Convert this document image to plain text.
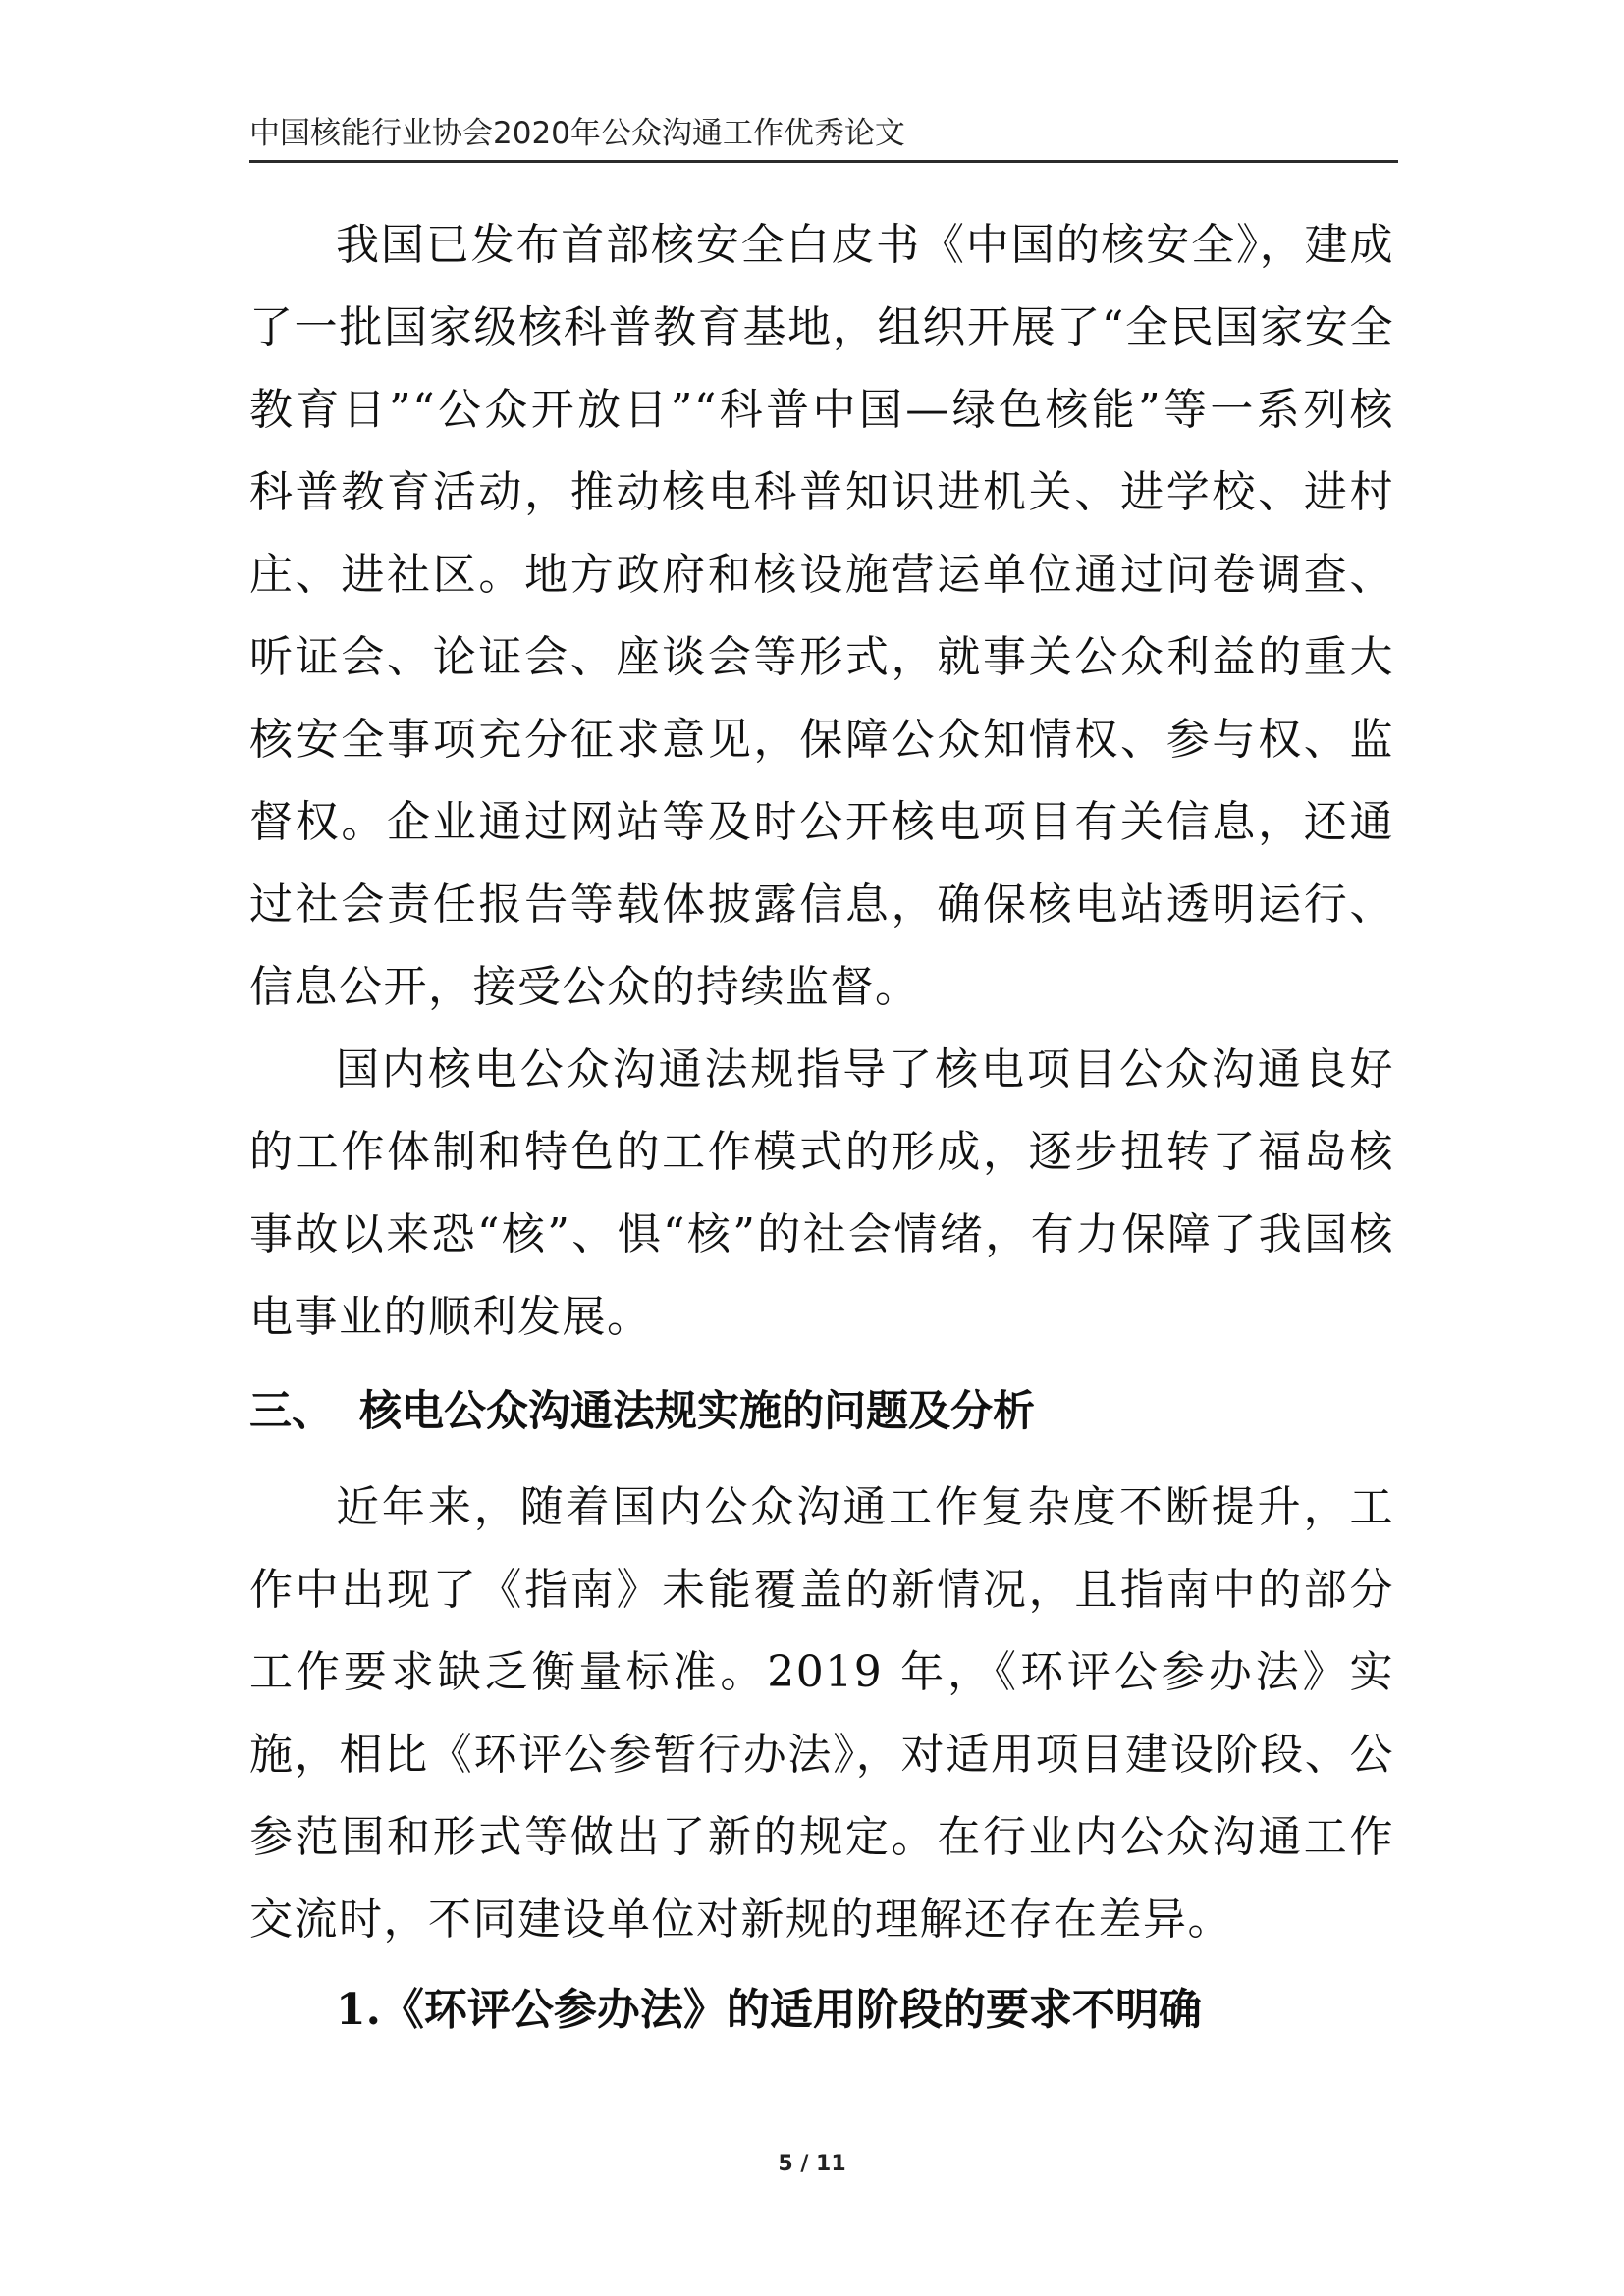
中国核能行业协会2020年公众沟通工作优秀论文

我国已发布首部核安全白皮书《中国的核安全》，建成了一批国家级核科普教育基地，组织开展了“全民国家安全教育日”“公众开放日”“科普中国—绿色核能”等一系列核科普教育活动，推动核电科普知识进机关、进学校、进村庄、进社区。地方政府和核设施营运单位通过问卷调查、听证会、论证会、座谈会等形式，就事关公众利益的重大核安全事项充分征求意见，保障公众知情权、参与权、监督权。企业通过网站等及时公开核电项目有关信息，还通过社会责任报告等载体披露信息，确保核电站透明运行、信息公开，接受公众的持续监督。

国内核电公众沟通法规指导了核电项目公众沟通良好的工作体制和特色的工作模式的形成，逐步扭转了福岛核事故以来恐“核”、惧“核”的社会情绪，有力保障了我国核电事业的顺利发展。

三、 核电公众沟通法规实施的问题及分析

近年来，随着国内公众沟通工作复杂度不断提升，工作中出现了《指南》未能覆盖的新情况，且指南中的部分工作要求缺乏衡量标准。2019 年，《环评公参办法》实施，相比《环评公参暂行办法》，对适用项目建设阶段、公参范围和形式等做出了新的规定。在行业内公众沟通工作交流时，不同建设单位对新规的理解还存在差异。

1.《环评公参办法》的适用阶段的要求不明确
5 / 11
